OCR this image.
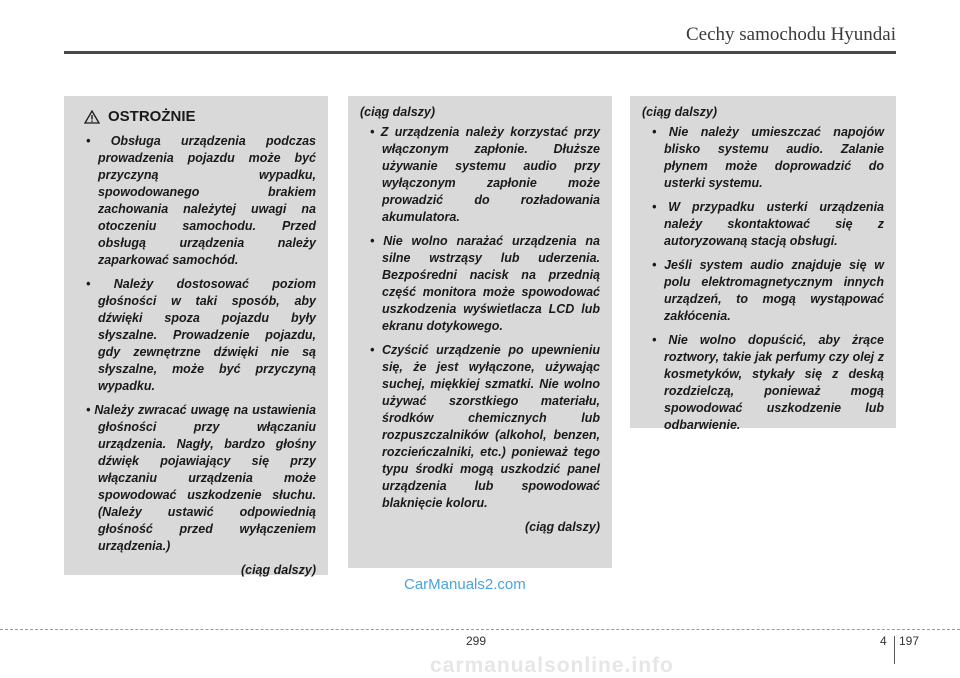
Cechy samochodu Hyundai
OSTROŻNIE

• Obsługa urządzenia podczas prowadzenia pojazdu może być przyczyną wypadku, spowodowanego brakiem zachowania należytej uwagi na otoczeniu samochodu. Przed obsługą urządzenia należy zaparkować samochód.

• Należy dostosować poziom głośności w taki sposób, aby dźwięki spoza pojazdu były słyszalne. Prowadzenie pojazdu, gdy zewnętrzne dźwięki nie są słyszalne, może być przyczyną wypadku.

• Należy zwracać uwagę na ustawienia głośności przy włączaniu urządzenia. Nagły, bardzo głośny dźwięk pojawiający się przy włączaniu urządzenia może spowodować uszkodzenie słuchu. (Należy ustawić odpowiednią głośność przed wyłączeniem urządzenia.)

(ciąg dalszy)
(ciąg dalszy)

• Z urządzenia należy korzystać przy włączonym zapłonie. Dłuższe używanie systemu audio przy wyłączonym zapłonie może prowadzić do rozładowania akumulatora.

• Nie wolno narażać urządzenia na silne wstrząsy lub uderzenia. Bezpośredni nacisk na przednią część monitora może spowodować uszkodzenia wyświetlacza LCD lub ekranu dotykowego.

• Czyścić urządzenie po upewnieniu się, że jest wyłączone, używając suchej, miękkiej szmatki. Nie wolno używać szorstkiego materiału, środków chemicznych lub rozpuszczalników (alkohol, benzen, rozcieńczalniki, etc.) ponieważ tego typu środki mogą uszkodzić panel urządzenia lub spowodować blaknięcie koloru.

(ciąg dalszy)
(ciąg dalszy)

• Nie należy umieszczać napojów blisko systemu audio. Zalanie płynem może doprowadzić do usterki systemu.

• W przypadku usterki urządzenia należy skontaktować się z autoryzowaną stacją obsługi.

• Jeśli system audio znajduje się w polu elektromagnetycznym innych urządzeń, to mogą wystąpować zakłócenia.

• Nie wolno dopuścić, aby żrące roztwory, takie jak perfumy czy olej z kosmetyków, stykały się z deską rozdzielczą, ponieważ mogą spowodować uszkodzenie lub odbarwienie.

CarManuals2.com
299	4 197
carmanualsonline.info
